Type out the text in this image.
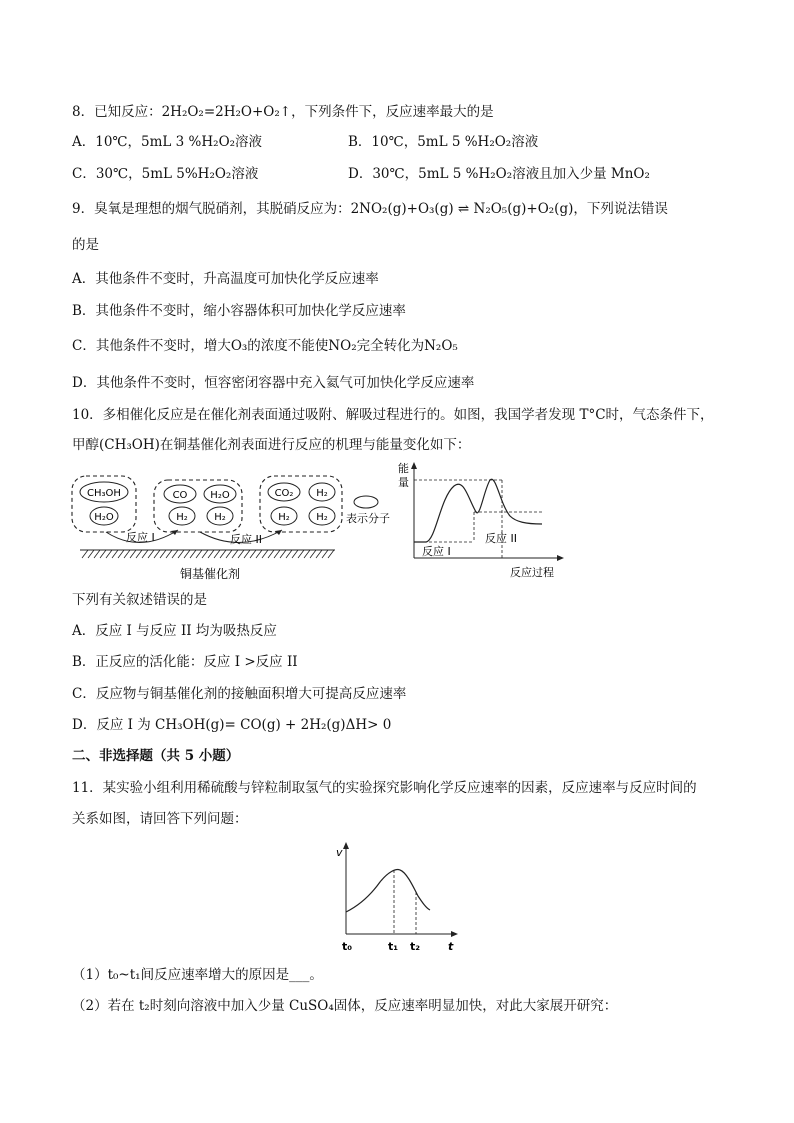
8．已知反应：2H₂O₂=2H₂O+O₂↑，下列条件下，反应速率最大的是
A．10℃，5mL 3 %H₂O₂溶液	B．10℃，5mL 5 %H₂O₂溶液
C．30℃，5mL 5%H₂O₂溶液	D．30℃，5mL 5 %H₂O₂溶液且加入少量 MnO₂
9．臭氧是理想的烟气脱硝剂，其脱硝反应为：2NO₂(g)+O₃(g) ⇌ N₂O₅(g)+O₂(g)，下列说法错误
的是
A．其他条件不变时，升高温度可加快化学反应速率
B．其他条件不变时，缩小容器体积可加快化学反应速率
C．其他条件不变时，增大O₃的浓度不能使NO₂完全转化为N₂O₅
D．其他条件不变时，恒容密闭容器中充入氦气可加快化学反应速率
10．多相催化反应是在催化剂表面通过吸附、解吸过程进行的。如图，我国学者发现 T°C时，气态条件下，
甲醇(CH₃OH)在铜基催化剂表面进行反应的机理与能量变化如下：
CH₃OH
H₂O
CO H₂O
H₂	H₂
CO₂ H₂
H₂	H₂ 表示分子
反应 I	反应 II
铜基催化剂
能
量
反应 I
反应 II
反应过程
下列有关叙述错误的是
A．反应 I 与反应 II 均为吸热反应
B．正反应的活化能：反应 I >反应 II
C．反应物与铜基催化剂的接触面积增大可提高反应速率
D．反应 I 为 CH₃OH(g)= CO(g) + 2H₂(g)ΔH> 0
二、非选择题（共 5 小题）
11．某实验小组利用稀硫酸与锌粒制取氢气的实验探究影响化学反应速率的因素，反应速率与反应时间的
关系如图，请回答下列问题：
v
t₀	t₁ t₂	t
（1）t₀~t₁间反应速率增大的原因是___。
（2）若在 t₂时刻向溶液中加入少量 CuSO₄固体，反应速率明显加快，对此大家展开研究：
